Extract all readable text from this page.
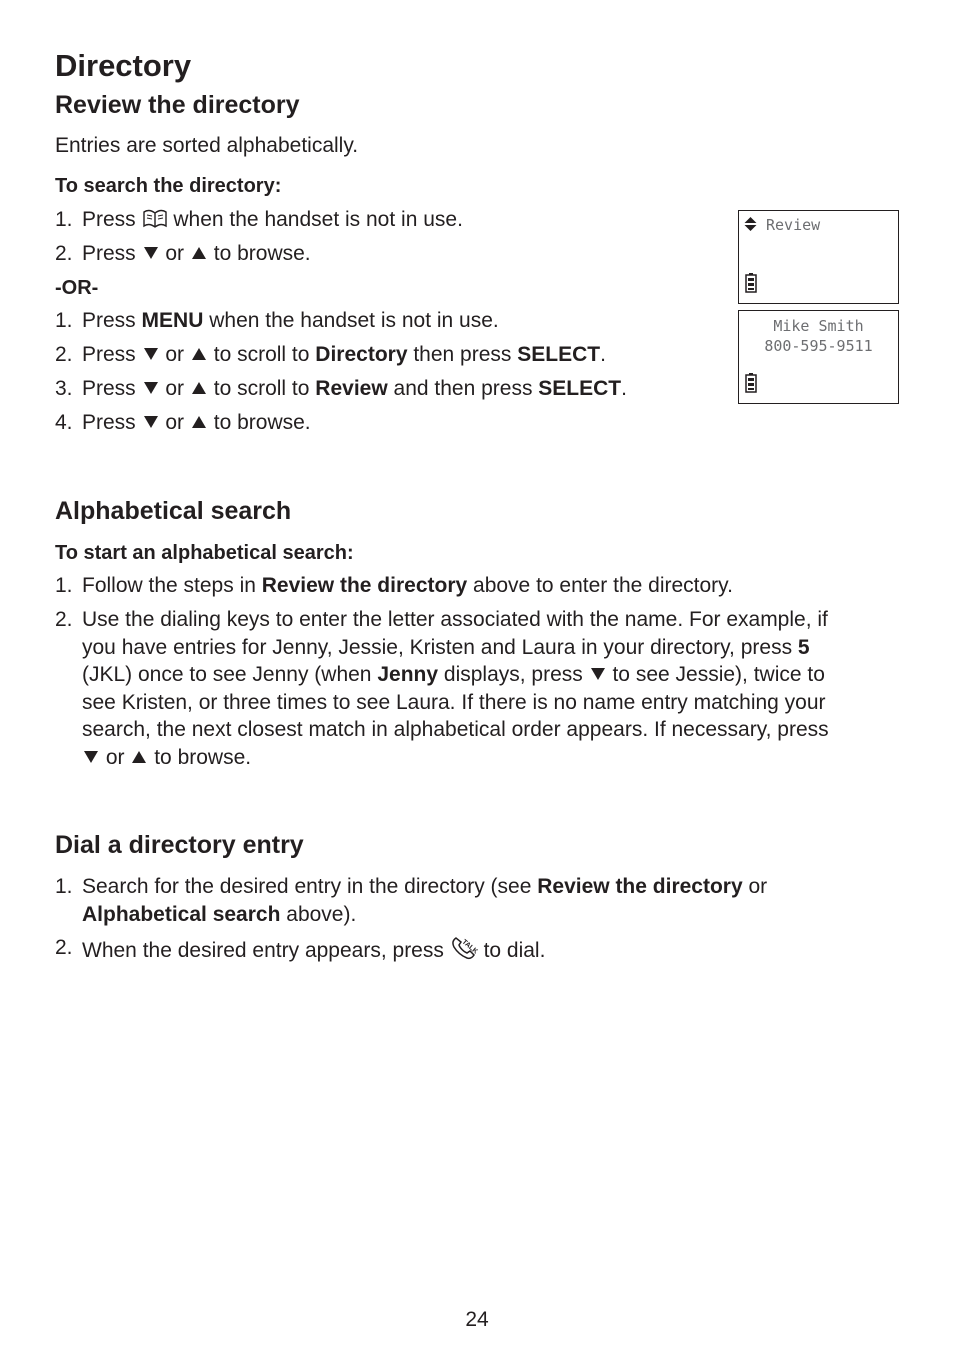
Directory
Review the directory

Entries are sorted alphabetically.

To search the directory:

1. Press when the handset is not in use.
2. Press or to browse.

-OR-

1. Press MENU when the handset is not in use.
2. Press or to scroll to Directory then press SELECT.
3. Press or to scroll to Review and then press SELECT.
4. Press or to browse.
Review
Mike Smith
800-595-9511
Alphabetical search

To start an alphabetical search:

1. Follow the steps in Review the directory above to enter the directory.
2. Use the dialing keys to enter the letter associated with the name. For example, if you have entries for Jenny, Jessie, Kristen and Laura in your directory, press 5 (JKL) once to see Jenny (when Jenny displays, press to see Jessie), twice to see Kristen, or three times to see Laura. If there is no name entry matching your search, the next closest match in alphabetical order appears. If necessary, press  or to browse.
Dial a directory entry
1. Search for the desired entry in the directory (see Review the directory or Alphabetical search above).
2. When the desired entry appears, press TALK to dial.

24
